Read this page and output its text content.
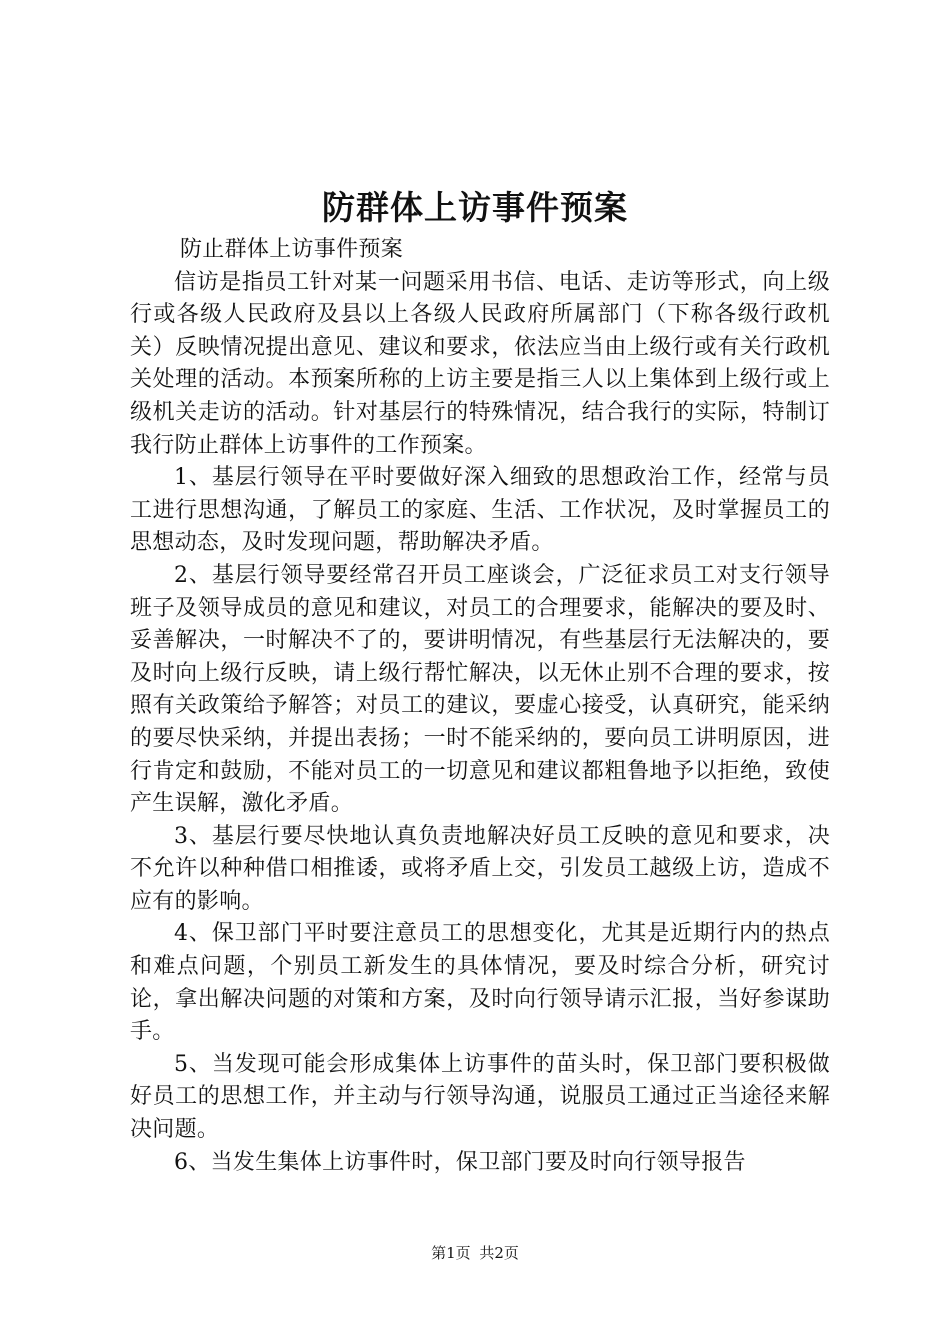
防群体上访事件预案

防止群体上访事件预案

信访是指员工针对某一问题采用书信、电话、走访等形式，向上级行或各级人民政府及县以上各级人民政府所属部门（下称各级行政机关）反映情况提出意见、建议和要求，依法应当由上级行或有关行政机关处理的活动。本预案所称的上访主要是指三人以上集体到上级行或上级机关走访的活动。针对基层行的特殊情况，结合我行的实际，特制订我行防止群体上访事件的工作预案。

1、基层行领导在平时要做好深入细致的思想政治工作，经常与员工进行思想沟通，了解员工的家庭、生活、工作状况，及时掌握员工的思想动态，及时发现问题，帮助解决矛盾。

2、基层行领导要经常召开员工座谈会，广泛征求员工对支行领导班子及领导成员的意见和建议，对员工的合理要求，能解决的要及时、妥善解决，一时解决不了的，要讲明情况，有些基层行无法解决的，要及时向上级行反映，请上级行帮忙解决，以无休止别不合理的要求，按照有关政策给予解答；对员工的建议，要虚心接受，认真研究，能采纳的要尽快采纳，并提出表扬；一时不能采纳的，要向员工讲明原因，进行肯定和鼓励，不能对员工的一切意见和建议都粗鲁地予以拒绝，致使产生误解，激化矛盾。

3、基层行要尽快地认真负责地解决好员工反映的意见和要求，决不允许以种种借口相推诿，或将矛盾上交，引发员工越级上访，造成不应有的影响。

4、保卫部门平时要注意员工的思想变化，尤其是近期行内的热点和难点问题，个别员工新发生的具体情况，要及时综合分析，研究讨论，拿出解决问题的对策和方案，及时向行领导请示汇报，当好参谋助手。

5、当发现可能会形成集体上访事件的苗头时，保卫部门要积极做好员工的思想工作，并主动与行领导沟通，说服员工通过正当途径来解决问题。

6、当发生集体上访事件时，保卫部门要及时向行领导报告

第1页 共2页
